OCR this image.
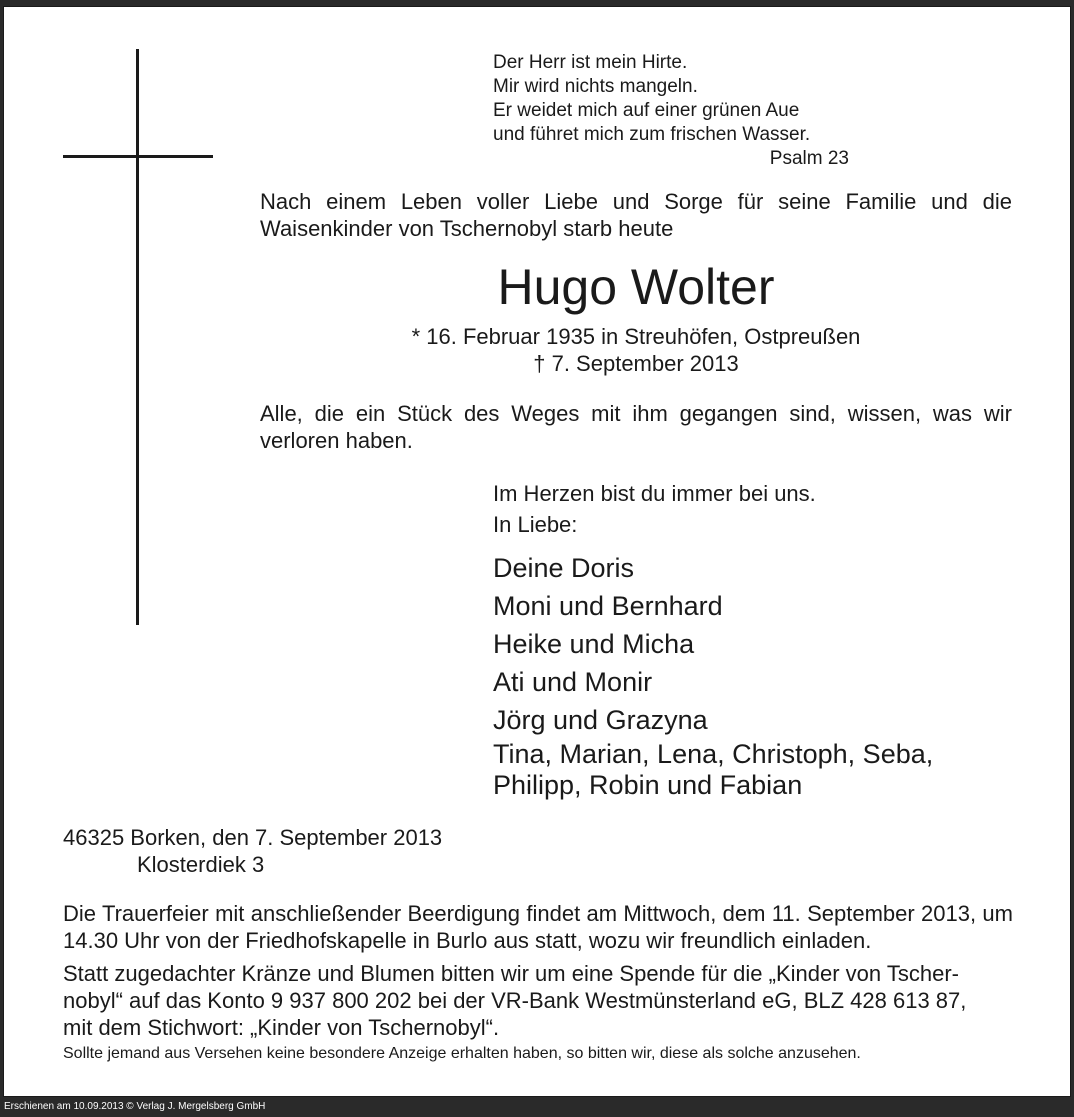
Der Herr ist mein Hirte.
Mir wird nichts mangeln.
Er weidet mich auf einer grünen Aue
und führet mich zum frischen Wasser.
Psalm 23

Nach einem Leben voller Liebe und Sorge für seine Familie und die Waisenkinder von Tschernobyl starb heute

Hugo Wolter
* 16. Februar 1935 in Streuhöfen, Ostpreußen
† 7. September 2013

Alle, die ein Stück des Weges mit ihm gegangen sind, wissen, was wir verloren haben.

Im Herzen bist du immer bei uns.
In Liebe:
Deine Doris
Moni und Bernhard
Heike und Micha
Ati und Monir
Jörg und Grazyna
Tina, Marian, Lena, Christoph, Seba,
Philipp, Robin und Fabian
46325 Borken, den 7. September 2013
Klosterdiek 3

Die Trauerfeier mit anschließender Beerdigung findet am Mittwoch, dem 11. September 2013, um 14.30 Uhr von der Friedhofskapelle in Burlo aus statt, wozu wir freundlich einladen.

Statt zugedachter Kränze und Blumen bitten wir um eine Spende für die „Kinder von Tscher-
nobyl“ auf das Konto 9 937 800 202 bei der VR-Bank Westmünsterland eG, BLZ 428 613 87,
mit dem Stichwort: „Kinder von Tschernobyl“.
Sollte jemand aus Versehen keine besondere Anzeige erhalten haben, so bitten wir, diese als solche anzusehen.
Erschienen am 10.09.2013 © Verlag J. Mergelsberg GmbH
